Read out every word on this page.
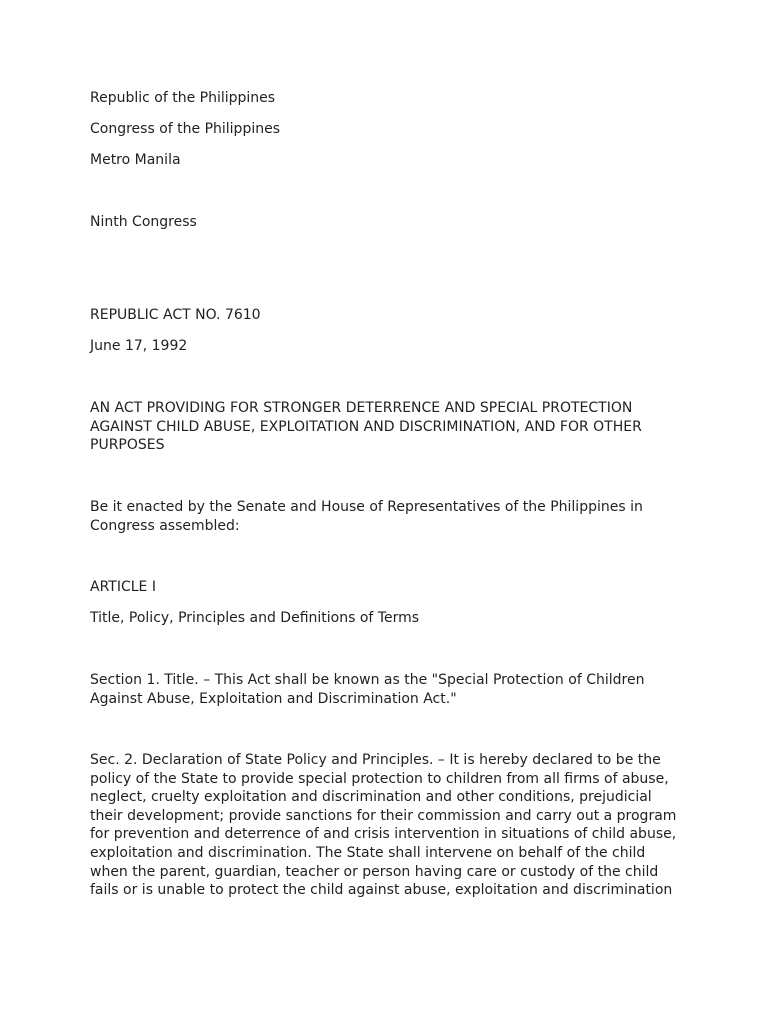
Republic of the Philippines

Congress of the Philippines

Metro Manila

Ninth Congress

REPUBLIC ACT NO. 7610

June 17, 1992

AN ACT PROVIDING FOR STRONGER DETERRENCE AND SPECIAL PROTECTION
AGAINST CHILD ABUSE, EXPLOITATION AND DISCRIMINATION, AND FOR OTHER
PURPOSES
Be it enacted by the Senate and House of Representatives of the Philippines in
Congress assembled:

ARTICLE I

Title, Policy, Principles and Definitions of Terms

Section 1. Title. – This Act shall be known as the "Special Protection of Children
Against Abuse, Exploitation and Discrimination Act."
Sec. 2. Declaration of State Policy and Principles. – It is hereby declared to be the
policy of the State to provide special protection to children from all firms of abuse,
neglect, cruelty exploitation and discrimination and other conditions, prejudicial
their development; provide sanctions for their commission and carry out a program
for prevention and deterrence of and crisis intervention in situations of child abuse,
exploitation and discrimination. The State shall intervene on behalf of the child
when the parent, guardian, teacher or person having care or custody of the child
fails or is unable to protect the child against abuse, exploitation and discrimination
